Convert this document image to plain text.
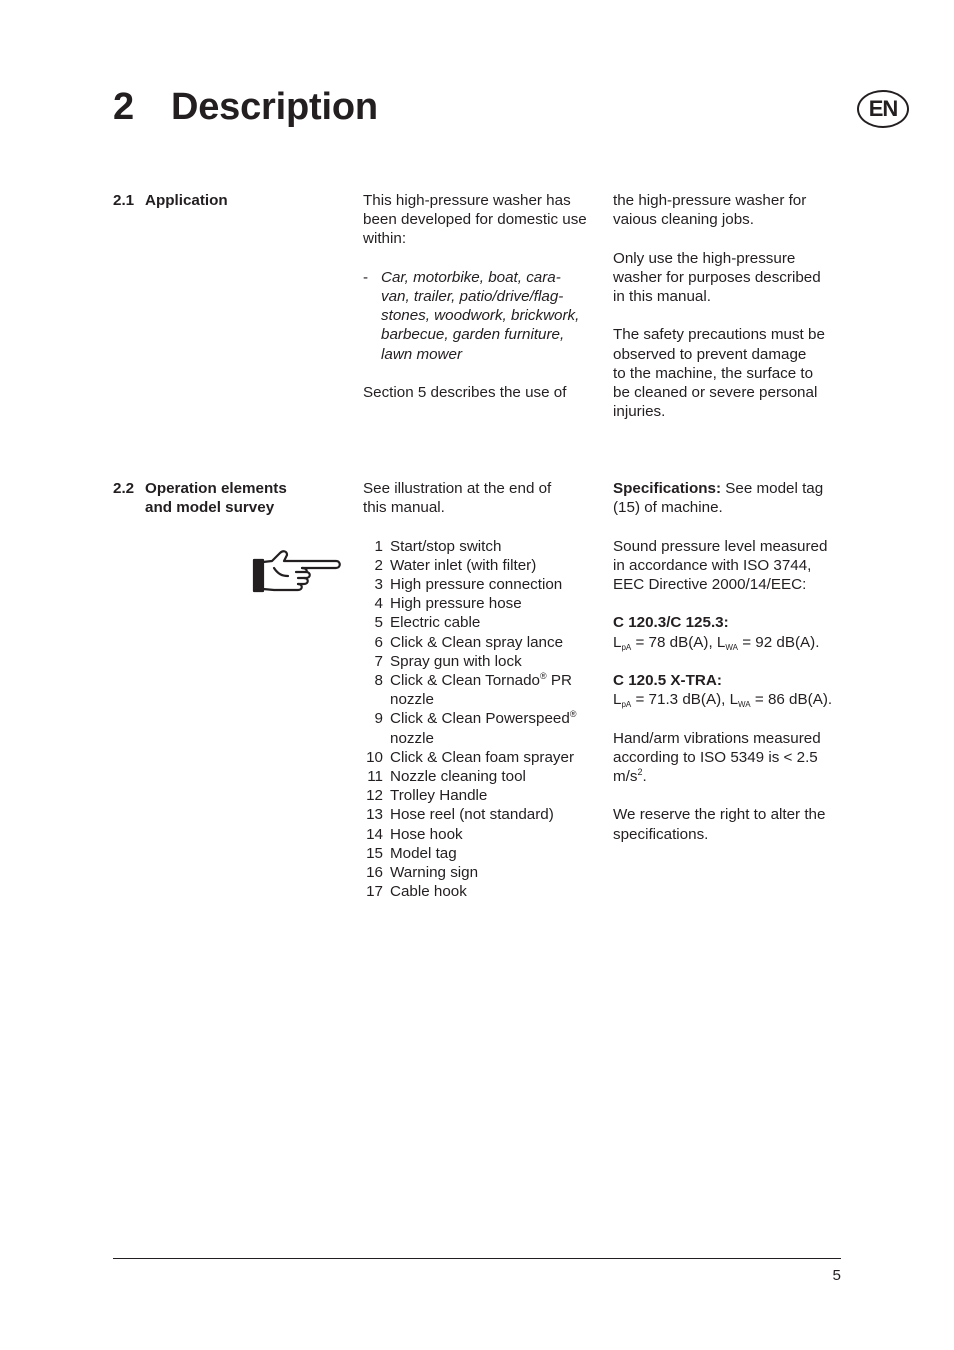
2 Description	EN
2.1 Application	This high-pressure washer has been developed for domestic use within:

- Car, motorbike, boat, cara-
van, trailer, patio/drive/flag-
stones, woodwork, brickwork,
barbecue, garden furniture,
lawn mower

Section 5 describes the use of

the high-pressure washer for
vaious cleaning jobs.

Only use the high-pressure
washer for purposes described
in this manual.

The safety precautions must be
observed to prevent damage
to the machine, the surface to
be cleaned or severe personal
injuries.

2.2 Operation elements
and model survey

See illustration at the end of
this manual.

1 Start/stop switch
2 Water inlet (with filter)
3 High pressure connection
4 High pressure hose
5 Electric cable
6 Click & Clean spray lance
7 Spray gun with lock
8 Click & Clean Tornado® PR
nozzle
9 Click & Clean Powerspeed®
nozzle
10 Click & Clean foam sprayer
11 Nozzle cleaning tool
12 Trolley Handle
13 Hose reel (not standard)
14 Hose hook
15 Model tag
16 Warning sign
17 Cable hook

Specifications: See model tag
(15) of machine.

Sound pressure level measured
in accordance with ISO 3744,
EEC Directive 2000/14/EEC:

C 120.3/C 125.3:

$L_{pA} = 78$ dB(A), $L_{WA} = 92$ dB(A).

C 120.5 X-TRA:

$L_{pA} = 71.3$ dB(A), $L_{WA} = 86$ dB(A).

Hand/arm vibrations measured
according to ISO 5349 is < 2.5
$m/s^2$.

We reserve the right to alter the
specifications.

5
